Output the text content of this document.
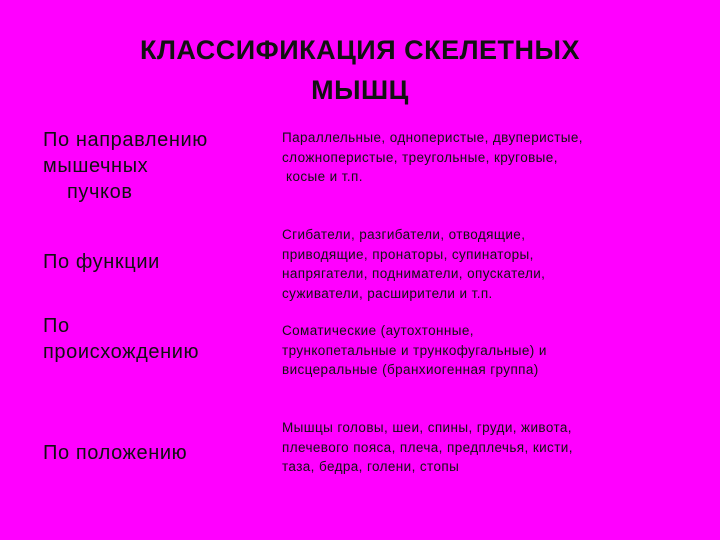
КЛАССИФИКАЦИЯ СКЕЛЕТНЫХ
МЫШЦ
По направлению
мышечных
пучков
Параллельные, одноперистые, двуперистые,
сложноперистые, треугольные, круговые,
косые и т.п.
По функции
Сгибатели, разгибатели, отводящие,
приводящие, пронаторы, супинаторы,
напрягатели, подниматели, опускатели,
суживатели, расширители и т.п.
По
происхождению
Соматические (аутохтонные,
трункопетальные и трункофугальные) и
висцеральные (бранхиогенная группа)
По положению
Мышцы головы, шеи, спины, груди, живота,
плечевого пояса, плеча, предплечья, кисти,
таза, бедра, голени, стопы
